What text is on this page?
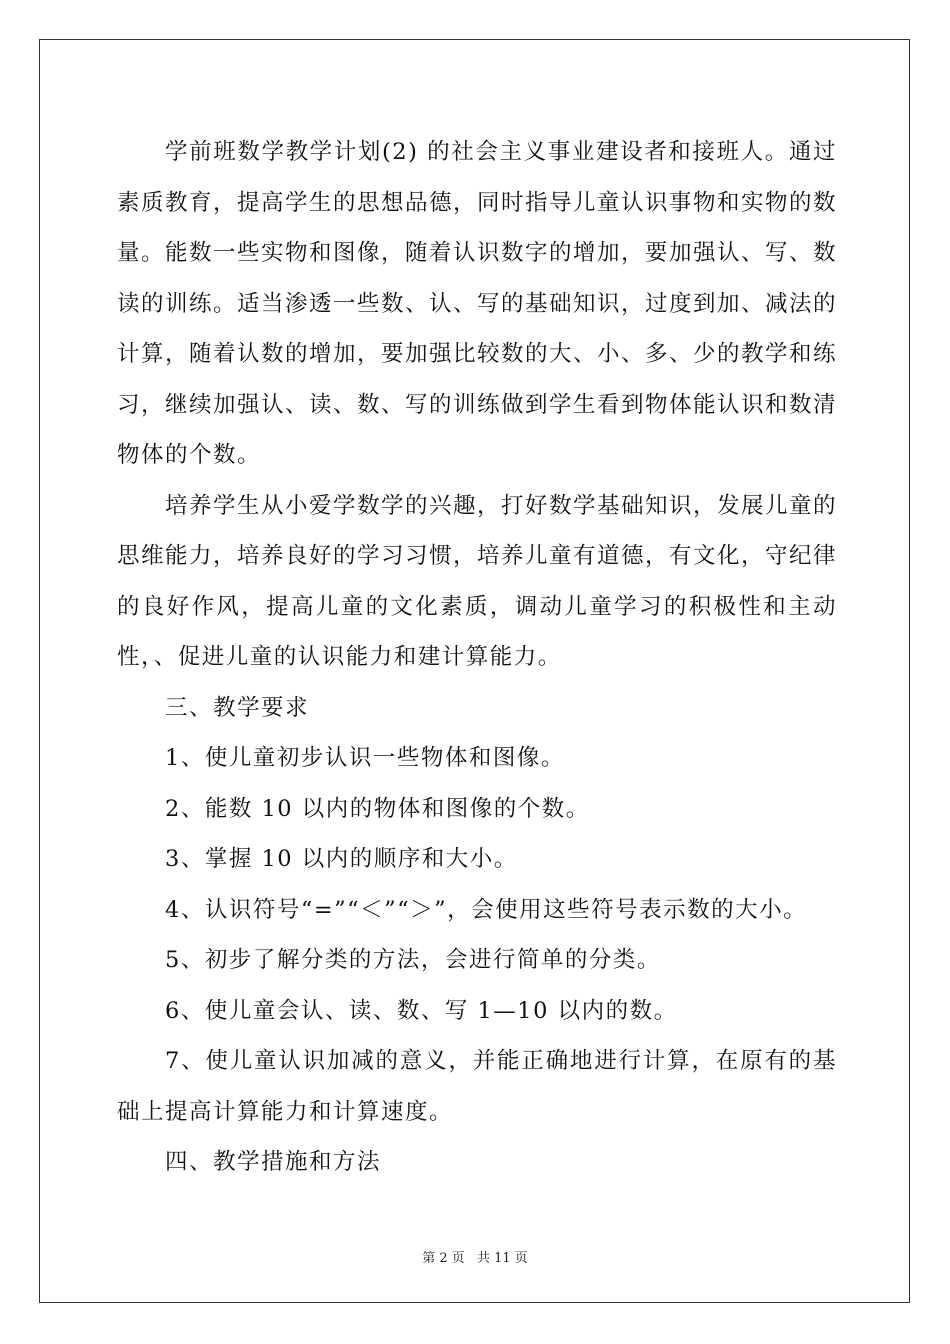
学前班数学教学计划(2) 的社会主义事业建设者和接班人。通过素质教育，提高学生的思想品德，同时指导儿童认识事物和实物的数量。能数一些实物和图像，随着认识数字的增加，要加强认、写、数读的训练。适当渗透一些数、认、写的基础知识，过度到加、减法的计算，随着认数的增加，要加强比较数的大、小、多、少的教学和练习，继续加强认、读、数、写的训练做到学生看到物体能认识和数清物体的个数。

培养学生从小爱学数学的兴趣，打好数学基础知识，发展儿童的思维能力，培养良好的学习习惯，培养儿童有道德，有文化，守纪律的良好作风，提高儿童的文化素质，调动儿童学习的积极性和主动性，、促进儿童的认识能力和建计算能力。

三、教学要求

1、使儿童初步认识一些物体和图像。

2、能数 10 以内的物体和图像的个数。

3、掌握 10 以内的顺序和大小。

4、认识符号“=”“＜”“＞”，会使用这些符号表示数的大小。

5、初步了解分类的方法，会进行简单的分类。

6、使儿童会认、读、数、写 1—10 以内的数。

7、使儿童认识加减的意义，并能正确地进行计算，在原有的基础上提高计算能力和计算速度。

四、教学措施和方法

第 2 页 共 11 页
